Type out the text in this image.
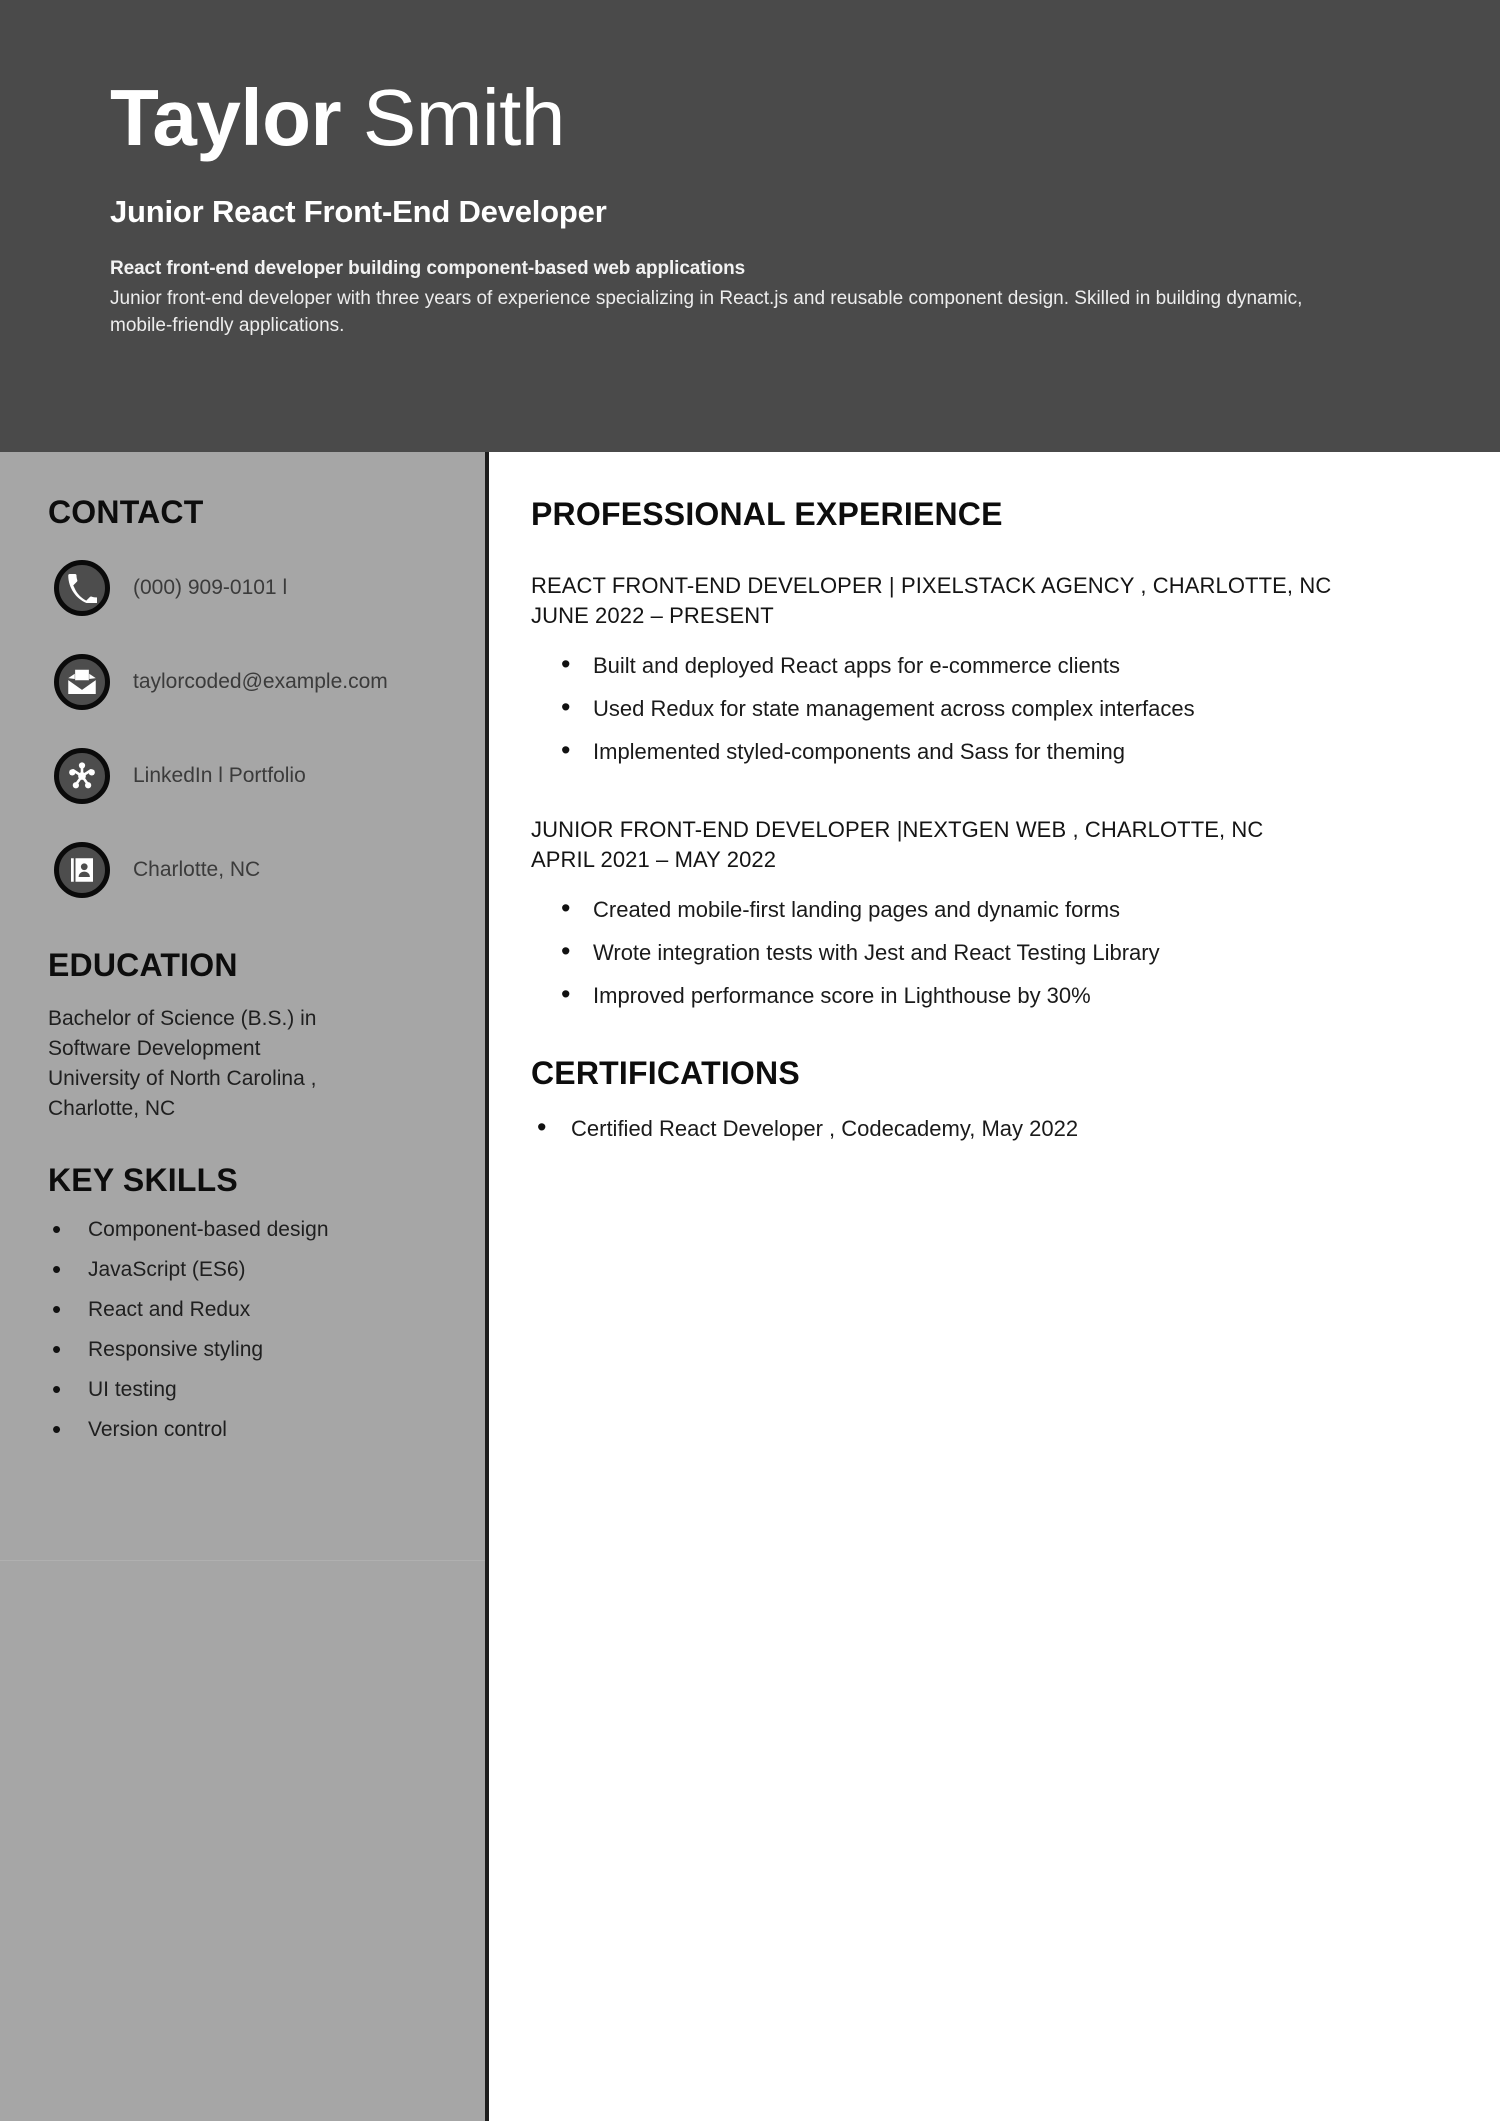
Taylor Smith
Junior React Front-End Developer
React front-end developer building component-based web applications
Junior front-end developer with three years of experience specializing in React.js and reusable component design. Skilled in building dynamic, mobile-friendly applications.
CONTACT
(000) 909-0101 l
taylorcoded@example.com
LinkedIn l Portfolio
Charlotte, NC
EDUCATION
Bachelor of Science (B.S.) in Software Development
University of North Carolina , Charlotte, NC
KEY SKILLS
• Component-based design
• JavaScript (ES6)
• React and Redux
• Responsive styling
• UI testing
• Version control
PROFESSIONAL EXPERIENCE
REACT FRONT-END DEVELOPER | PIXELSTACK AGENCY , CHARLOTTE, NC
JUNE 2022 – PRESENT
• Built and deployed React apps for e-commerce clients
• Used Redux for state management across complex interfaces
• Implemented styled-components and Sass for theming
JUNIOR FRONT-END DEVELOPER |NEXTGEN WEB , CHARLOTTE, NC
APRIL 2021 – MAY 2022
• Created mobile-first landing pages and dynamic forms
• Wrote integration tests with Jest and React Testing Library
• Improved performance score in Lighthouse by 30%
CERTIFICATIONS
• Certified React Developer , Codecademy, May 2022
